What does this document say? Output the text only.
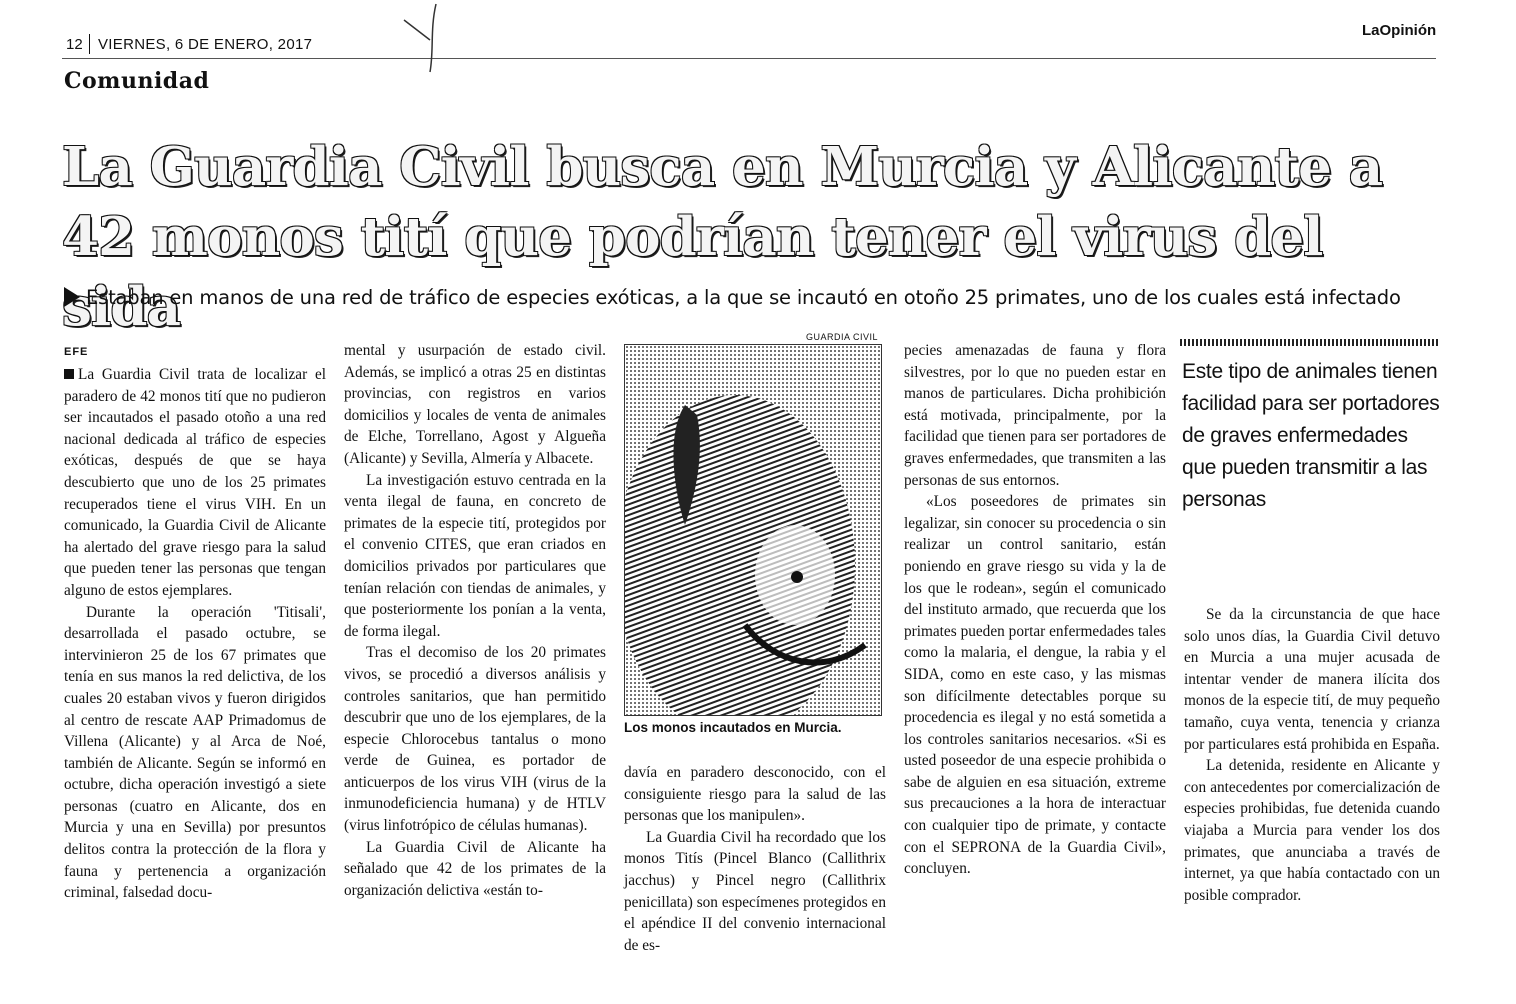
12 VIERNES, 6 DE ENERO, 2017
LaOpinión
Comunidad
La Guardia Civil busca en Murcia y Alicante a
42 monos tití que podrían tener el virus del sida
Estaban en manos de una red de tráfico de especies exóticas, a la que se incautó en otoño 25 primates, uno de los cuales está infectado
EFE

La Guardia Civil trata de localizar el paradero de 42 monos tití que no pudieron ser incautados el pasado otoño a una red nacional dedicada al tráfico de especies exóticas, después de que se haya descubierto que uno de los 25 primates recuperados tiene el virus VIH. En un comunicado, la Guardia Civil de Alicante ha alertado del grave riesgo para la salud que pueden tener las personas que tengan alguno de estos ejemplares.

Durante la operación 'Titisali', desarrollada el pasado octubre, se intervinieron 25 de los 67 primates que tenía en sus manos la red delictiva, de los cuales 20 estaban vivos y fueron dirigidos al centro de rescate AAP Primadomus de Villena (Alicante) y al Arca de Noé, también de Alicante. Según se informó en octubre, dicha operación investigó a siete personas (cuatro en Alicante, dos en Murcia y una en Sevilla) por presuntos delitos contra la protección de la flora y fauna y pertenencia a organización criminal, falsedad docu-

mental y usurpación de estado civil. Además, se implicó a otras 25 en distintas provincias, con registros en varios domicilios y locales de venta de animales de Elche, Torrellano, Agost y Algueña (Alicante) y Sevilla, Almería y Albacete.

La investigación estuvo centrada en la venta ilegal de fauna, en concreto de primates de la especie tití, protegidos por el convenio CITES, que eran criados en domicilios privados por particulares que tenían relación con tiendas de animales, y que posteriormente los ponían a la venta, de forma ilegal.

Tras el decomiso de los 20 primates vivos, se procedió a diversos análisis y controles sanitarios, que han permitido descubrir que uno de los ejemplares, de la especie Chlorocebus tantalus o mono verde de Guinea, es portador de anticuerpos de los virus VIH (virus de la inmunodeficiencia humana) y de HTLV (virus linfotrópico de células humanas).

La Guardia Civil de Alicante ha señalado que 42 de los primates de la organización delictiva «están to-

GUARDIA CIVIL
Los monos incautados en Murcia.

davía en paradero desconocido, con el consiguiente riesgo para la salud de las personas que los manipulen».

La Guardia Civil ha recordado que los monos Titís (Pincel Blanco (Callithrix jacchus) y Pincel negro (Callithrix penicillata) son especímenes protegidos en el apéndice II del convenio internacional de es-

pecies amenazadas de fauna y flora silvestres, por lo que no pueden estar en manos de particulares. Dicha prohibición está motivada, principalmente, por la facilidad que tienen para ser portadores de graves enfermedades, que transmiten a las personas de sus entornos.

«Los poseedores de primates sin legalizar, sin conocer su procedencia o sin realizar un control sanitario, están poniendo en grave riesgo su vida y la de los que le rodean», según el comunicado del instituto armado, que recuerda que los primates pueden portar enfermedades tales como la malaria, el dengue, la rabia y el SIDA, como en este caso, y las mismas son difícilmente detectables porque su procedencia es ilegal y no está sometida a los controles sanitarios necesarios. «Si es usted poseedor de una especie prohibida o sabe de alguien en esa situación, extreme sus precauciones a la hora de interactuar con cualquier tipo de primate, y contacte con el SEPRONA de la Guardia Civil», concluyen.

Este tipo de animales tienen facilidad para ser portadores de graves enfermedades que pueden transmitir a las personas

Se da la circunstancia de que hace solo unos días, la Guardia Civil detuvo en Murcia a una mujer acusada de intentar vender de manera ilícita dos monos de la especie tití, de muy pequeño tamaño, cuya venta, tenencia y crianza por particulares está prohibida en España.

La detenida, residente en Alicante y con antecedentes por comercialización de especies prohibidas, fue detenida cuando viajaba a Murcia para vender los dos primates, que anunciaba a través de internet, ya que había contactado con un posible comprador.
